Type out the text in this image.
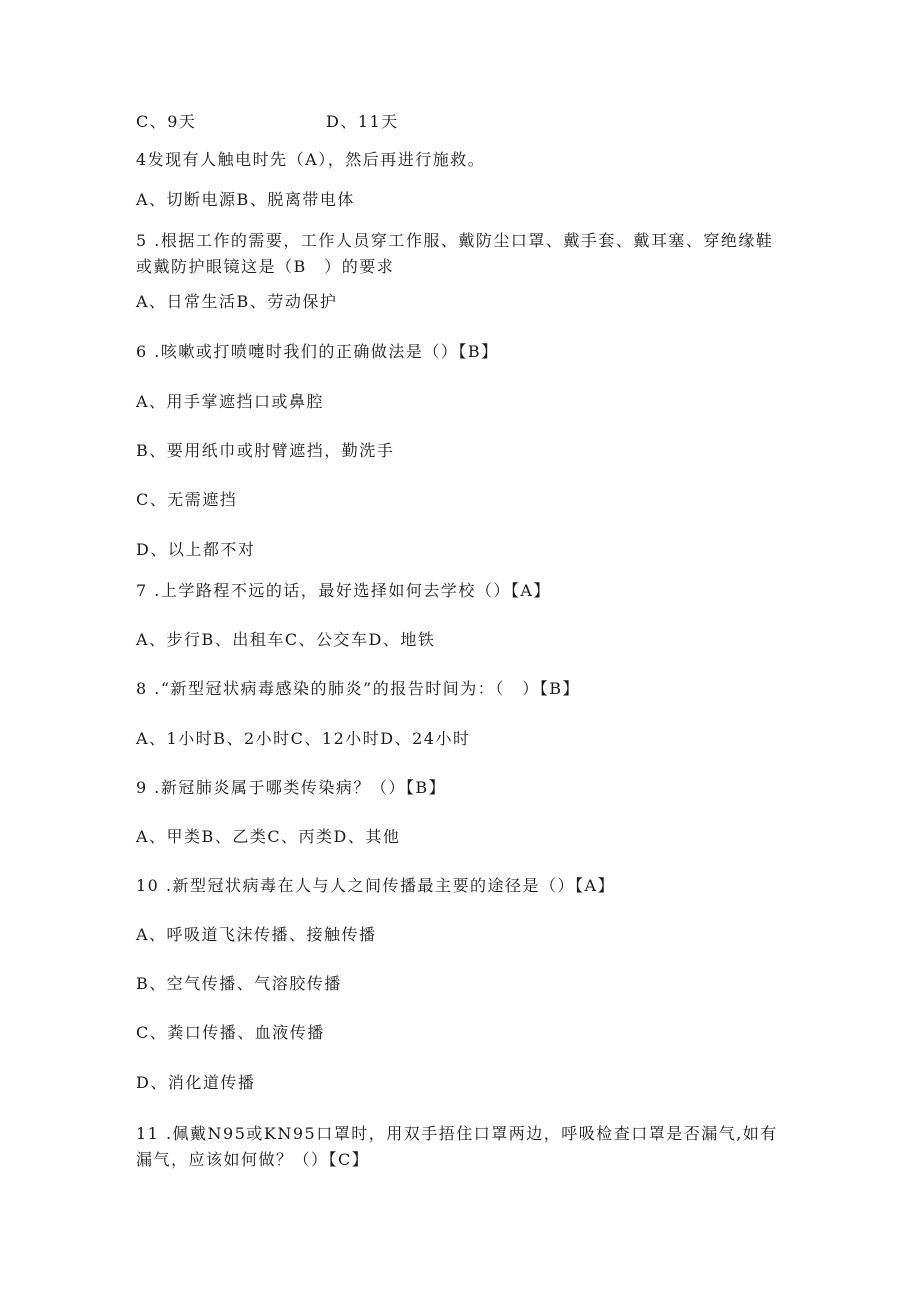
C、9天	D、11天
4发现有人触电时先（A），然后再进行施救。
A、切断电源B、脱离带电体
5 .根据工作的需要，工作人员穿工作服、戴防尘口罩、戴手套、戴耳塞、穿绝缘鞋或戴防护眼镜这是（B　）的要求
A、日常生活B、劳动保护
6 .咳嗽或打喷嚏时我们的正确做法是（）【B】
A、用手掌遮挡口或鼻腔
B、要用纸巾或肘臂遮挡，勤洗手
C、无需遮挡
D、以上都不对
7 .上学路程不远的话，最好选择如何去学校（）【A】
A、步行B、出租车C、公交车D、地铁
8 .“新型冠状病毒感染的肺炎”的报告时间为：（　）【B】
A、1小时B、2小时C、12小时D、24小时
9 .新冠肺炎属于哪类传染病？（）【B】
A、甲类B、乙类C、丙类D、其他
10 .新型冠状病毒在人与人之间传播最主要的途径是（）【A】
A、呼吸道飞沫传播、接触传播
B、空气传播、气溶胶传播
C、粪口传播、血液传播
D、消化道传播
11 .佩戴N95或KN95口罩时，用双手捂住口罩两边，呼吸检查口罩是否漏气,如有漏气，应该如何做？（）【C】
